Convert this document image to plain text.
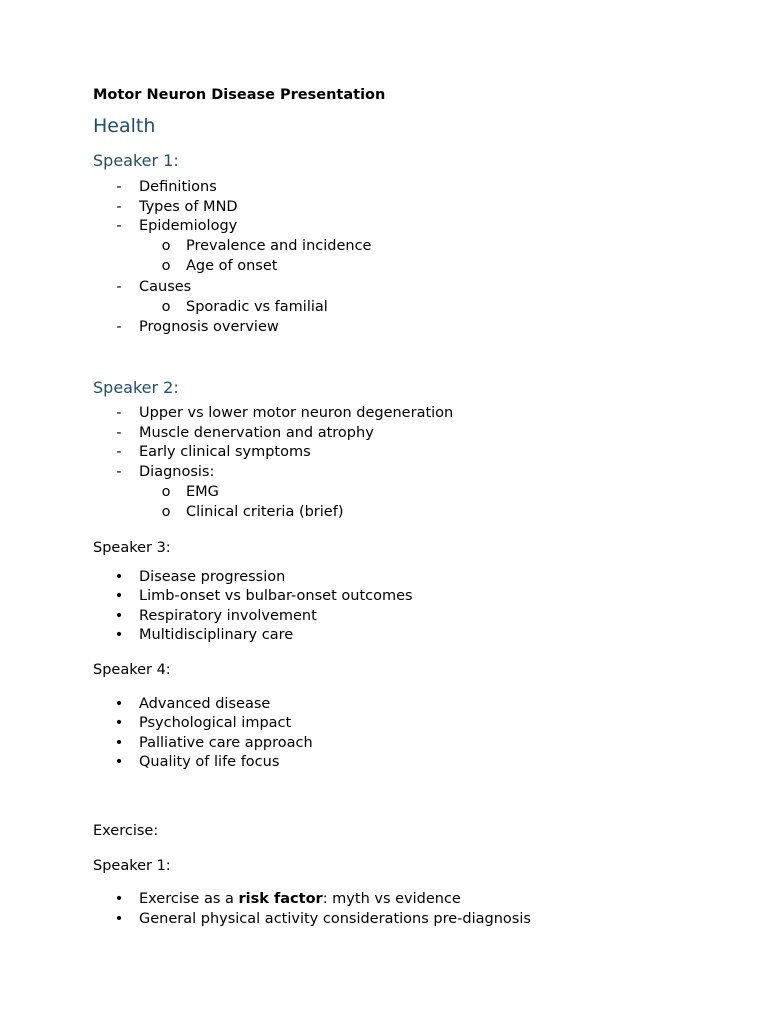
Motor Neuron Disease Presentation
Health
Speaker 1:
- Definitions
- Types of MND
- Epidemiology
o Prevalence and incidence
o Age of onset
- Causes
o Sporadic vs familial
- Prognosis overview
Speaker 2:
- Upper vs lower motor neuron degeneration
- Muscle denervation and atrophy
- Early clinical symptoms
- Diagnosis:
o EMG
o Clinical criteria (brief)
Speaker 3:
• Disease progression
• Limb-onset vs bulbar-onset outcomes
• Respiratory involvement
• Multidisciplinary care
Speaker 4:
• Advanced disease
• Psychological impact
• Palliative care approach
• Quality of life focus
Exercise:
Speaker 1:
• Exercise as a risk factor: myth vs evidence
• General physical activity considerations pre-diagnosis
